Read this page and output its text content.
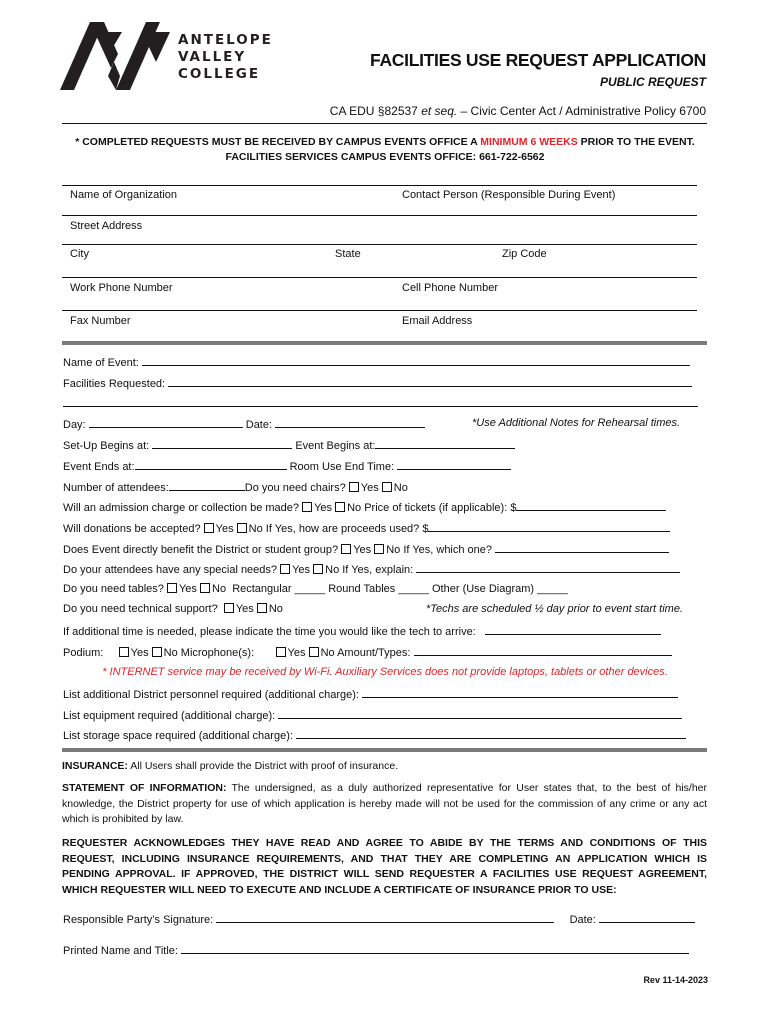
ANTELOPE
VALLEY
COLLEGE
FACILITIES USE REQUEST APPLICATION
PUBLIC REQUEST
CA EDU §82537 et seq. – Civic Center Act / Administrative Policy 6700
* COMPLETED REQUESTS MUST BE RECEIVED BY CAMPUS EVENTS OFFICE A MINIMUM 6 WEEKS PRIOR TO THE EVENT.
FACILITIES SERVICES CAMPUS EVENTS OFFICE: 661-722-6562
Name of Organization	Contact Person (Responsible During Event)
Street Address
City	State	Zip Code
Work Phone Number	Cell Phone Number
Fax Number	Email Address
Name of Event:
Facilities Requested:
Day:	Date:	*Use Additional Notes for Rehearsal times.
Set-Up Begins at:	Event Begins at:
Event Ends at:	Room Use End Time:
Number of attendees:	Do you need chairs? Yes No
Will an admission charge or collection be made? Yes No Price of tickets (if applicable): $
Will donations be accepted? Yes No If Yes, how are proceeds used? $
Does Event directly benefit the District or student group? Yes No If Yes, which one?
Do your attendees have any special needs? Yes No If Yes, explain:
Do you need tables? Yes No Rectangular _____ Round Tables _____ Other (Use Diagram) _____
Do you need technical support? Yes No	*Techs are scheduled ½ day prior to event start time.
If additional time is needed, please indicate the time you would like the tech to arrive:
Podium: Yes No Microphone(s):	Yes No Amount/Types:
* INTERNET service may be received by Wi-Fi. Auxiliary Services does not provide laptops, tablets or other devices.
List additional District personnel required (additional charge):
List equipment required (additional charge):
List storage space required (additional charge):
INSURANCE: All Users shall provide the District with proof of insurance.
STATEMENT OF INFORMATION: The undersigned, as a duly authorized representative for User states that, to the best of his/her knowledge, the District property for use of which application is hereby made will not be used for the commission of any crime or any act which is prohibited by law.
REQUESTER ACKNOWLEDGES THEY HAVE READ AND AGREE TO ABIDE BY THE TERMS AND CONDITIONS OF THIS REQUEST, INCLUDING INSURANCE REQUIREMENTS, AND THAT THEY ARE COMPLETING AN APPLICATION WHICH IS PENDING APPROVAL. IF APPROVED, THE DISTRICT WILL SEND REQUESTER A FACILITIES USE REQUEST AGREEMENT, WHICH REQUESTER WILL NEED TO EXECUTE AND INCLUDE A CERTIFICATE OF INSURANCE PRIOR TO USE:
Responsible Party’s Signature:	Date:
Printed Name and Title:
Rev 11-14-2023
